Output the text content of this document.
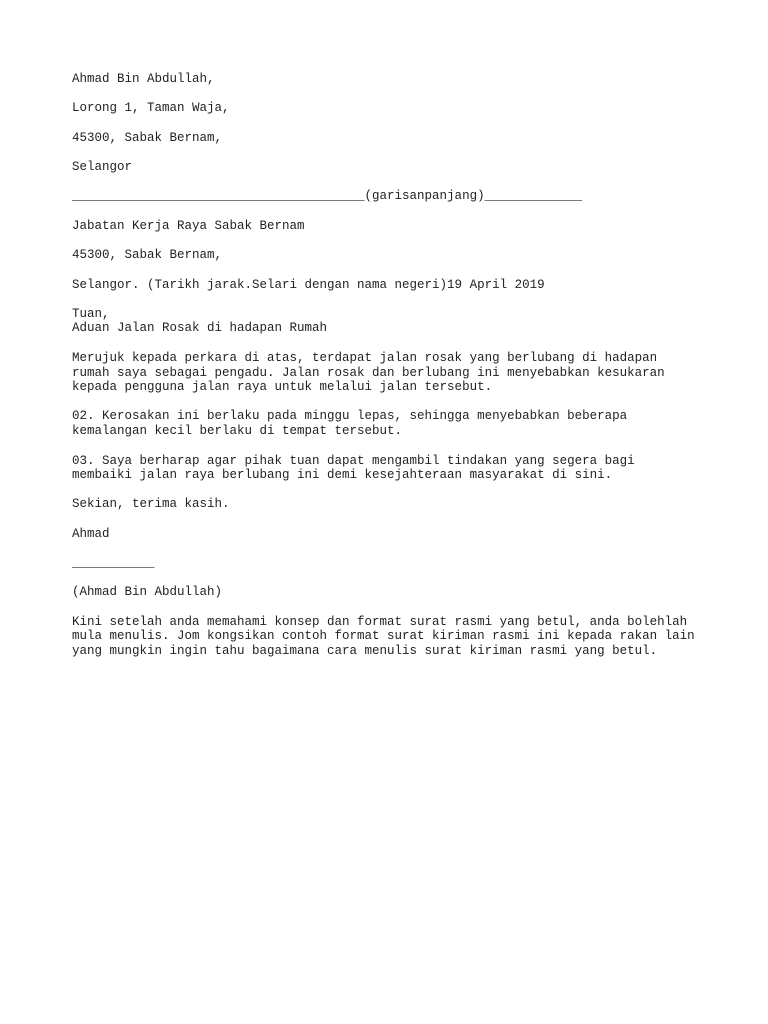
Ahmad Bin Abdullah,

Lorong 1, Taman Waja,

45300, Sabak Bernam,

Selangor

_______________________________________(garisanpanjang)_____________

Jabatan Kerja Raya Sabak Bernam

45300, Sabak Bernam,

Selangor. (Tarikh jarak.Selari dengan nama negeri)19 April 2019

Tuan,

Aduan Jalan Rosak di hadapan Rumah

Merujuk kepada perkara di atas, terdapat jalan rosak yang berlubang di hadapan

rumah saya sebagai pengadu. Jalan rosak dan berlubang ini menyebabkan kesukaran

kepada pengguna jalan raya untuk melalui jalan tersebut.

02. Kerosakan ini berlaku pada minggu lepas, sehingga menyebabkan beberapa

kemalangan kecil berlaku di tempat tersebut.

03. Saya berharap agar pihak tuan dapat mengambil tindakan yang segera bagi

membaiki jalan raya berlubang ini demi kesejahteraan masyarakat di sini.

Sekian, terima kasih.

Ahmad

___________

(Ahmad Bin Abdullah)

Kini setelah anda memahami konsep dan format surat rasmi yang betul, anda bolehlah

mula menulis. Jom kongsikan contoh format surat kiriman rasmi ini kepada rakan lain

yang mungkin ingin tahu bagaimana cara menulis surat kiriman rasmi yang betul.
